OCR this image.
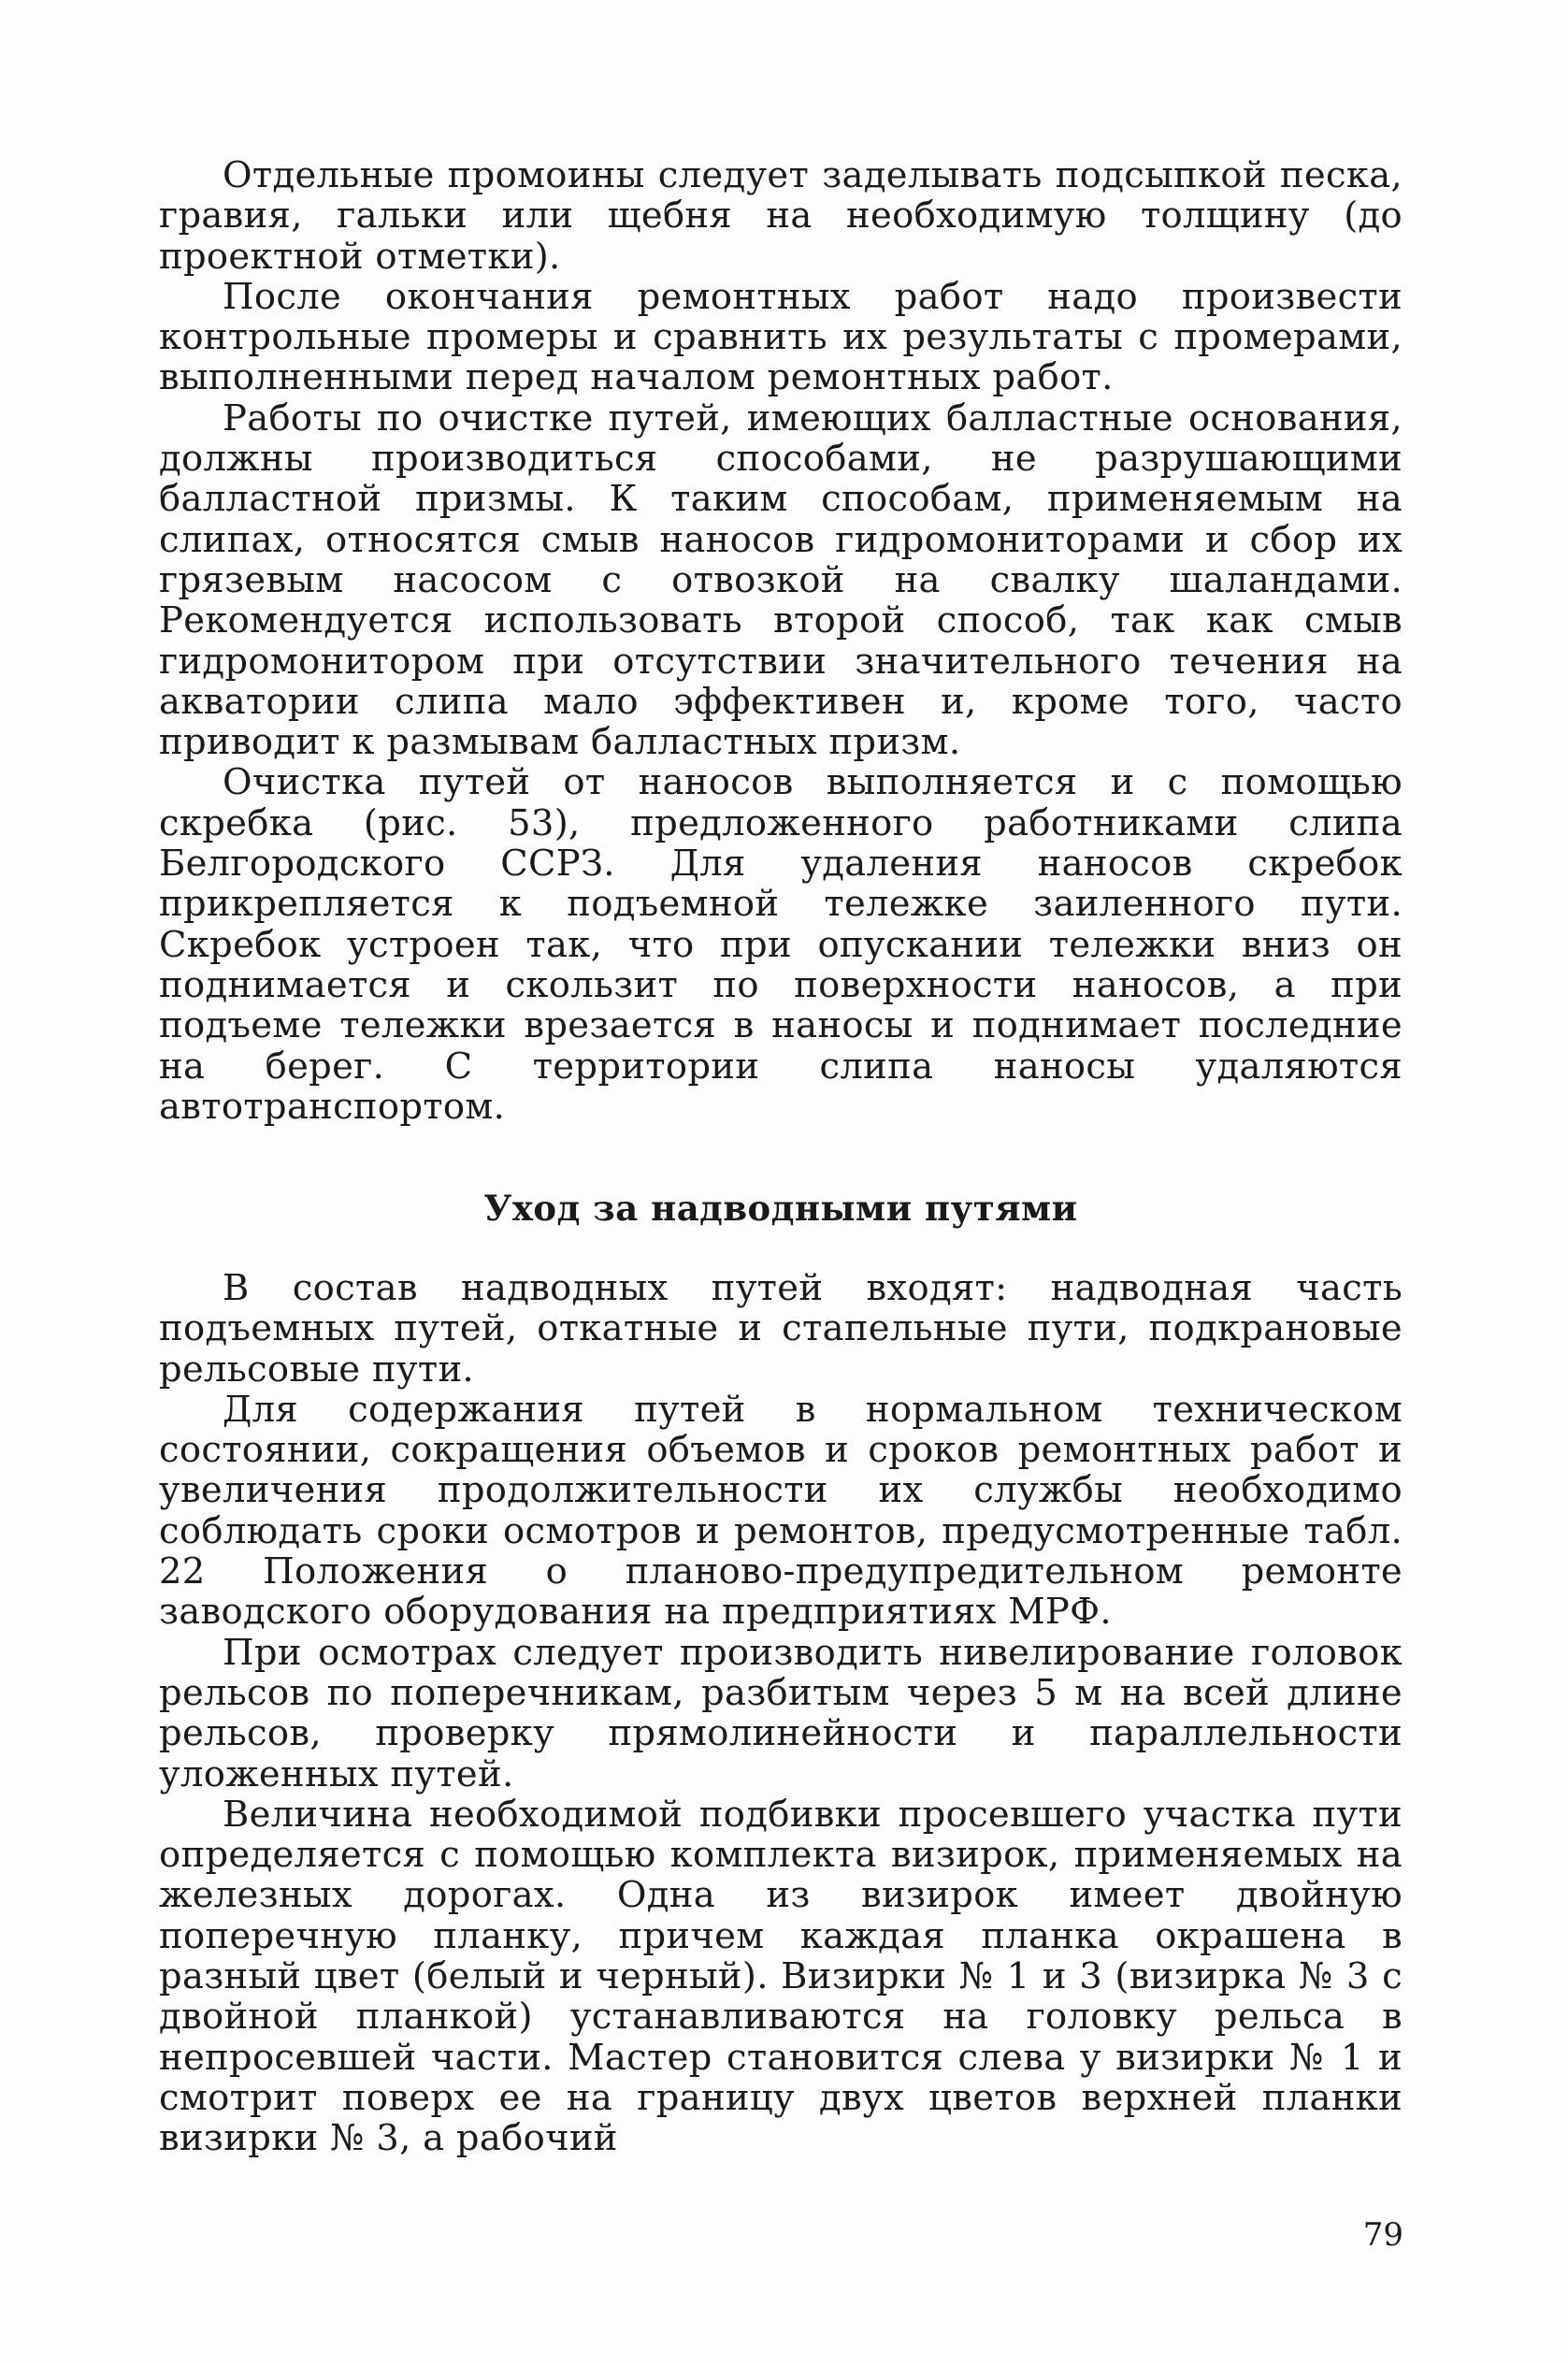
Отдельные промоины следует заделывать подсыпкой песка, гравия, гальки или щебня на необходимую толщину (до проектной отметки).

После окончания ремонтных работ надо произвести контрольные промеры и сравнить их результаты с промерами, выполненными перед началом ремонтных работ.

Работы по очистке путей, имеющих балластные основания, должны производиться способами, не разрушающими балластной призмы. К таким способам, применяемым на слипах, относятся смыв наносов гидромониторами и сбор их грязевым насосом с отвозкой на свалку шаландами. Рекомендуется использовать второй способ, так как смыв гидромонитором при отсутствии значительного течения на акватории слипа мало эффективен и, кроме того, часто приводит к размывам балластных призм.

Очистка путей от наносов выполняется и с помощью скребка (рис. 53), предложенного работниками слипа Белгородского ССРЗ. Для удаления наносов скребок прикрепляется к подъемной тележке заиленного пути. Скребок устроен так, что при опускании тележки вниз он поднимается и скользит по поверхности наносов, а при подъеме тележки врезается в наносы и поднимает последние на берег. С территории слипа наносы удаляются автотранспортом.

Уход за надводными путями

В состав надводных путей входят: надводная часть подъемных путей, откатные и стапельные пути, подкрановые рельсовые пути.

Для содержания путей в нормальном техническом состоянии, сокращения объемов и сроков ремонтных работ и увеличения продолжительности их службы необходимо соблюдать сроки осмотров и ремонтов, предусмотренные табл. 22 Положения о планово-предупредительном ремонте заводского оборудования на предприятиях МРФ.

При осмотрах следует производить нивелирование головок рельсов по поперечникам, разбитым через 5 м на всей длине рельсов, проверку прямолинейности и параллельности уложенных путей.

Величина необходимой подбивки просевшего участка пути определяется с помощью комплекта визирок, применяемых на железных дорогах. Одна из визирок имеет двойную поперечную планку, причем каждая планка окрашена в разный цвет (белый и черный). Визирки № 1 и 3 (визирка № 3 с двойной планкой) устанавливаются на головку рельса в непросевшей части. Мастер становится слева у визирки № 1 и смотрит поверх ее на границу двух цветов верхней планки визирки № 3, а рабочий

79
